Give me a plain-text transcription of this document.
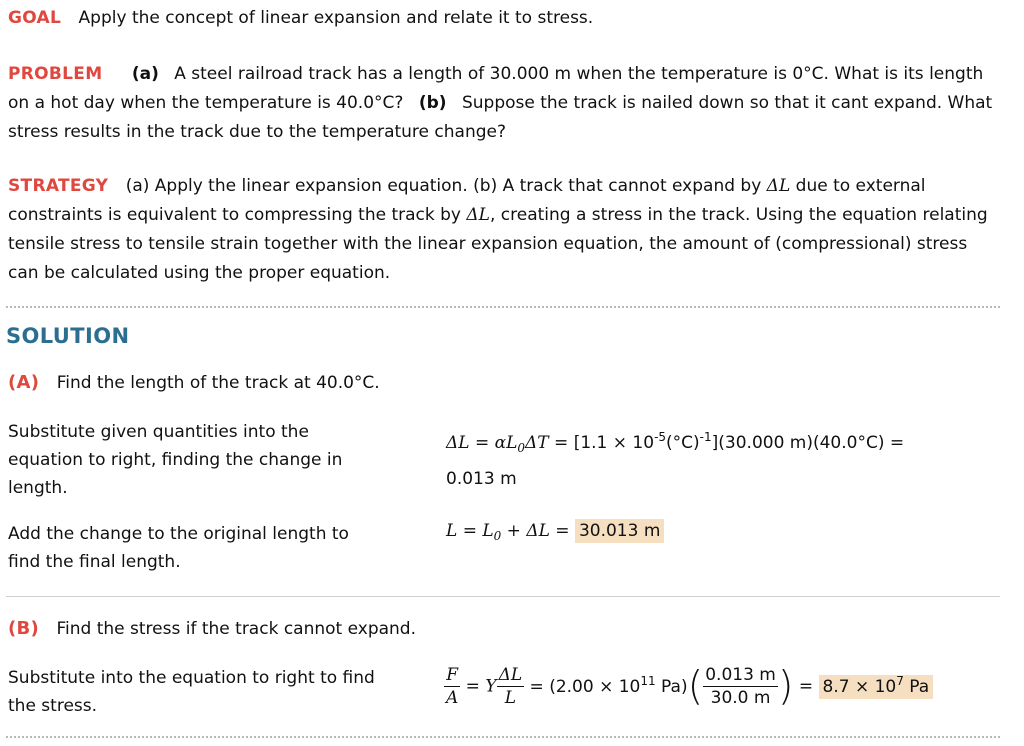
GOAL Apply the concept of linear expansion and relate it to stress.
PROBLEM (a) A steel railroad track has a length of 30.000 m when the temperature is 0°C. What is its length on a hot day when the temperature is 40.0°C? (b) Suppose the track is nailed down so that it cant expand. What stress results in the track due to the temperature change?
STRATEGY (a) Apply the linear expansion equation. (b) A track that cannot expand by ΔL due to external constraints is equivalent to compressing the track by ΔL, creating a stress in the track. Using the equation relating tensile stress to tensile strain together with the linear expansion equation, the amount of (compressional) stress can be calculated using the proper equation.
SOLUTION
(A) Find the length of the track at 40.0°C.
Substitute given quantities into the equation to right, finding the change in length.
$\Delta L = \alpha L_0\Delta T = [1.1 \times 10^{-5}(^\circ C)^{-1}](30.000$ m)(40.0°C) =
0.013 m
Add the change to the original length to find the final length.
$L = L_0 + \Delta L = 30.013$ m
(B) Find the stress if the track cannot expand.
Substitute into the equation to right to find the stress.	$\frac{F}{A} = Y \frac{\Delta L}{L} = (2.00 \times 10^{11}$ $Pa)( \frac{0.013 m}{30.0 m}$ ) = $8.7 \times 10^7$ Pa
